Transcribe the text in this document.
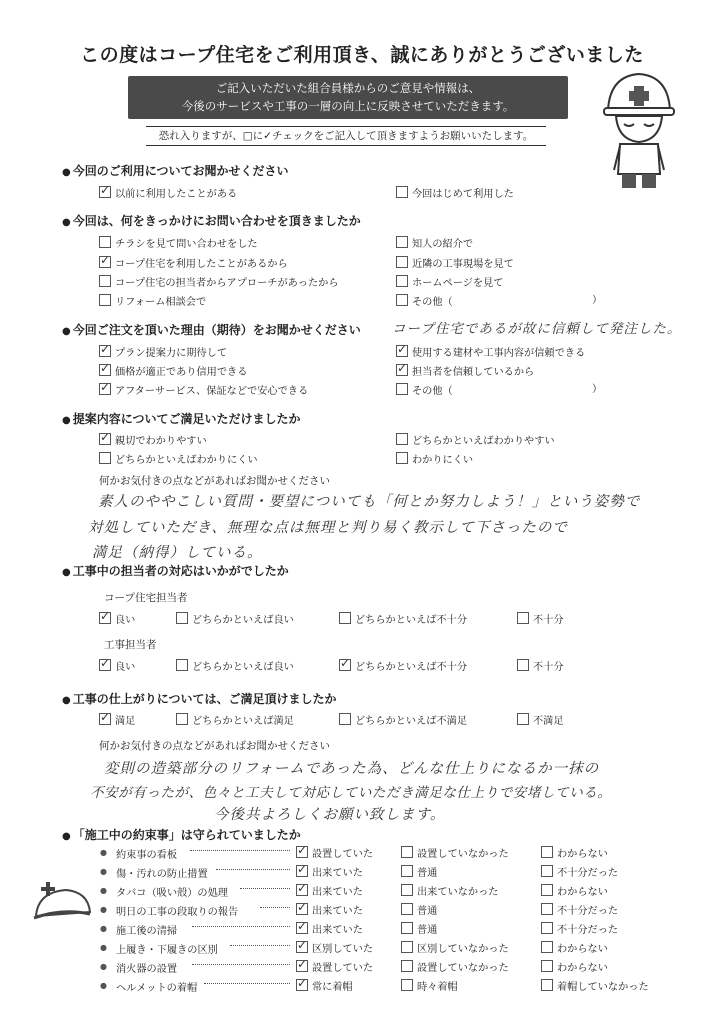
この度はコープ住宅をご利用頂き、誠にありがとうございました
ご記入いただいた組合員様からのご意見や情報は、
今後のサービスや工事の一層の向上に反映させていただきます。
恐れ入りますが、□に✓チェックをご記入して頂きますようお願いいたします。
● 今回のご利用についてお聞かせください
✓以前に利用したことがある	今回はじめて利用した
● 今回は、何をきっかけにお問い合わせを頂きましたか
チラシを見て問い合わせをした	知人の紹介で
✓コープ住宅を利用したことがあるから	近隣の工事現場を見て
コープ住宅の担当者からアプローチがあったから	ホームページを見て
リフォーム相談会で	その他（	）
● 今回ご注文を頂いた理由（期待）をお聞かせください コープ住宅であるが故に信頼して発注した。
✓プラン提案力に期待して ✓	使用する建材や工事内容が信頼できる
✓価格が適正であり信用できる ✓	担当者を信頼しているから
✓アフターサービス、保証などで安心できる	その他（	）
● 提案内容についてご満足いただけましたか
✓親切でわかりやすい	どちらかといえばわかりやすい
どちらかといえばわかりにくい	わかりにくい
何かお気付きの点などがあればお聞かせください
素人のややこしい質問・要望についても「何とか努力しよう！」という姿勢で
対処していただき、無理な点は無理と判り易く教示して下さったので
満足（納得）している。
● 工事中の担当者の対応はいかがでしたか
コープ住宅担当者
✓良い	どちらかといえば良い	どちらかといえば不十分	不十分
工事担当者
✓良い	どちらかといえば良い ✓	どちらかといえば不十分	不十分
● 工事の仕上がりについては、ご満足頂けましたか
✓満足	どちらかといえば満足	どちらかといえば不満足	不満足
何かお気付きの点などがあればお聞かせください
変則の造築部分のリフォームであった為、どんな仕上りになるか一抹の
不安が有ったが、色々と工夫して対応していただき満足な仕上りで安堵している。
今後共よろしくお願い致します。
● 「施工中の約束事」は守られていましたか
● 約束事の看板 ✓	設置していた	設置していなかった	わからない
● 傷・汚れの防止措置 ✓	出来ていた	普通	不十分だった
● タバコ（吸い殻）の処理 ✓	出来ていた	出来ていなかった	わからない
● 明日の工事の段取りの報告 ✓	出来ていた	普通	不十分だった
● 施工後の清掃 ✓	出来ていた	普通	不十分だった
● 上履き・下履きの区別 ✓	区別していた	区別していなかった	わからない
● 消火器の設置 ✓	設置していた	設置していなかった	わからない
● ヘルメットの着帽 ✓	常に着帽	時々着帽	着帽していなかった
